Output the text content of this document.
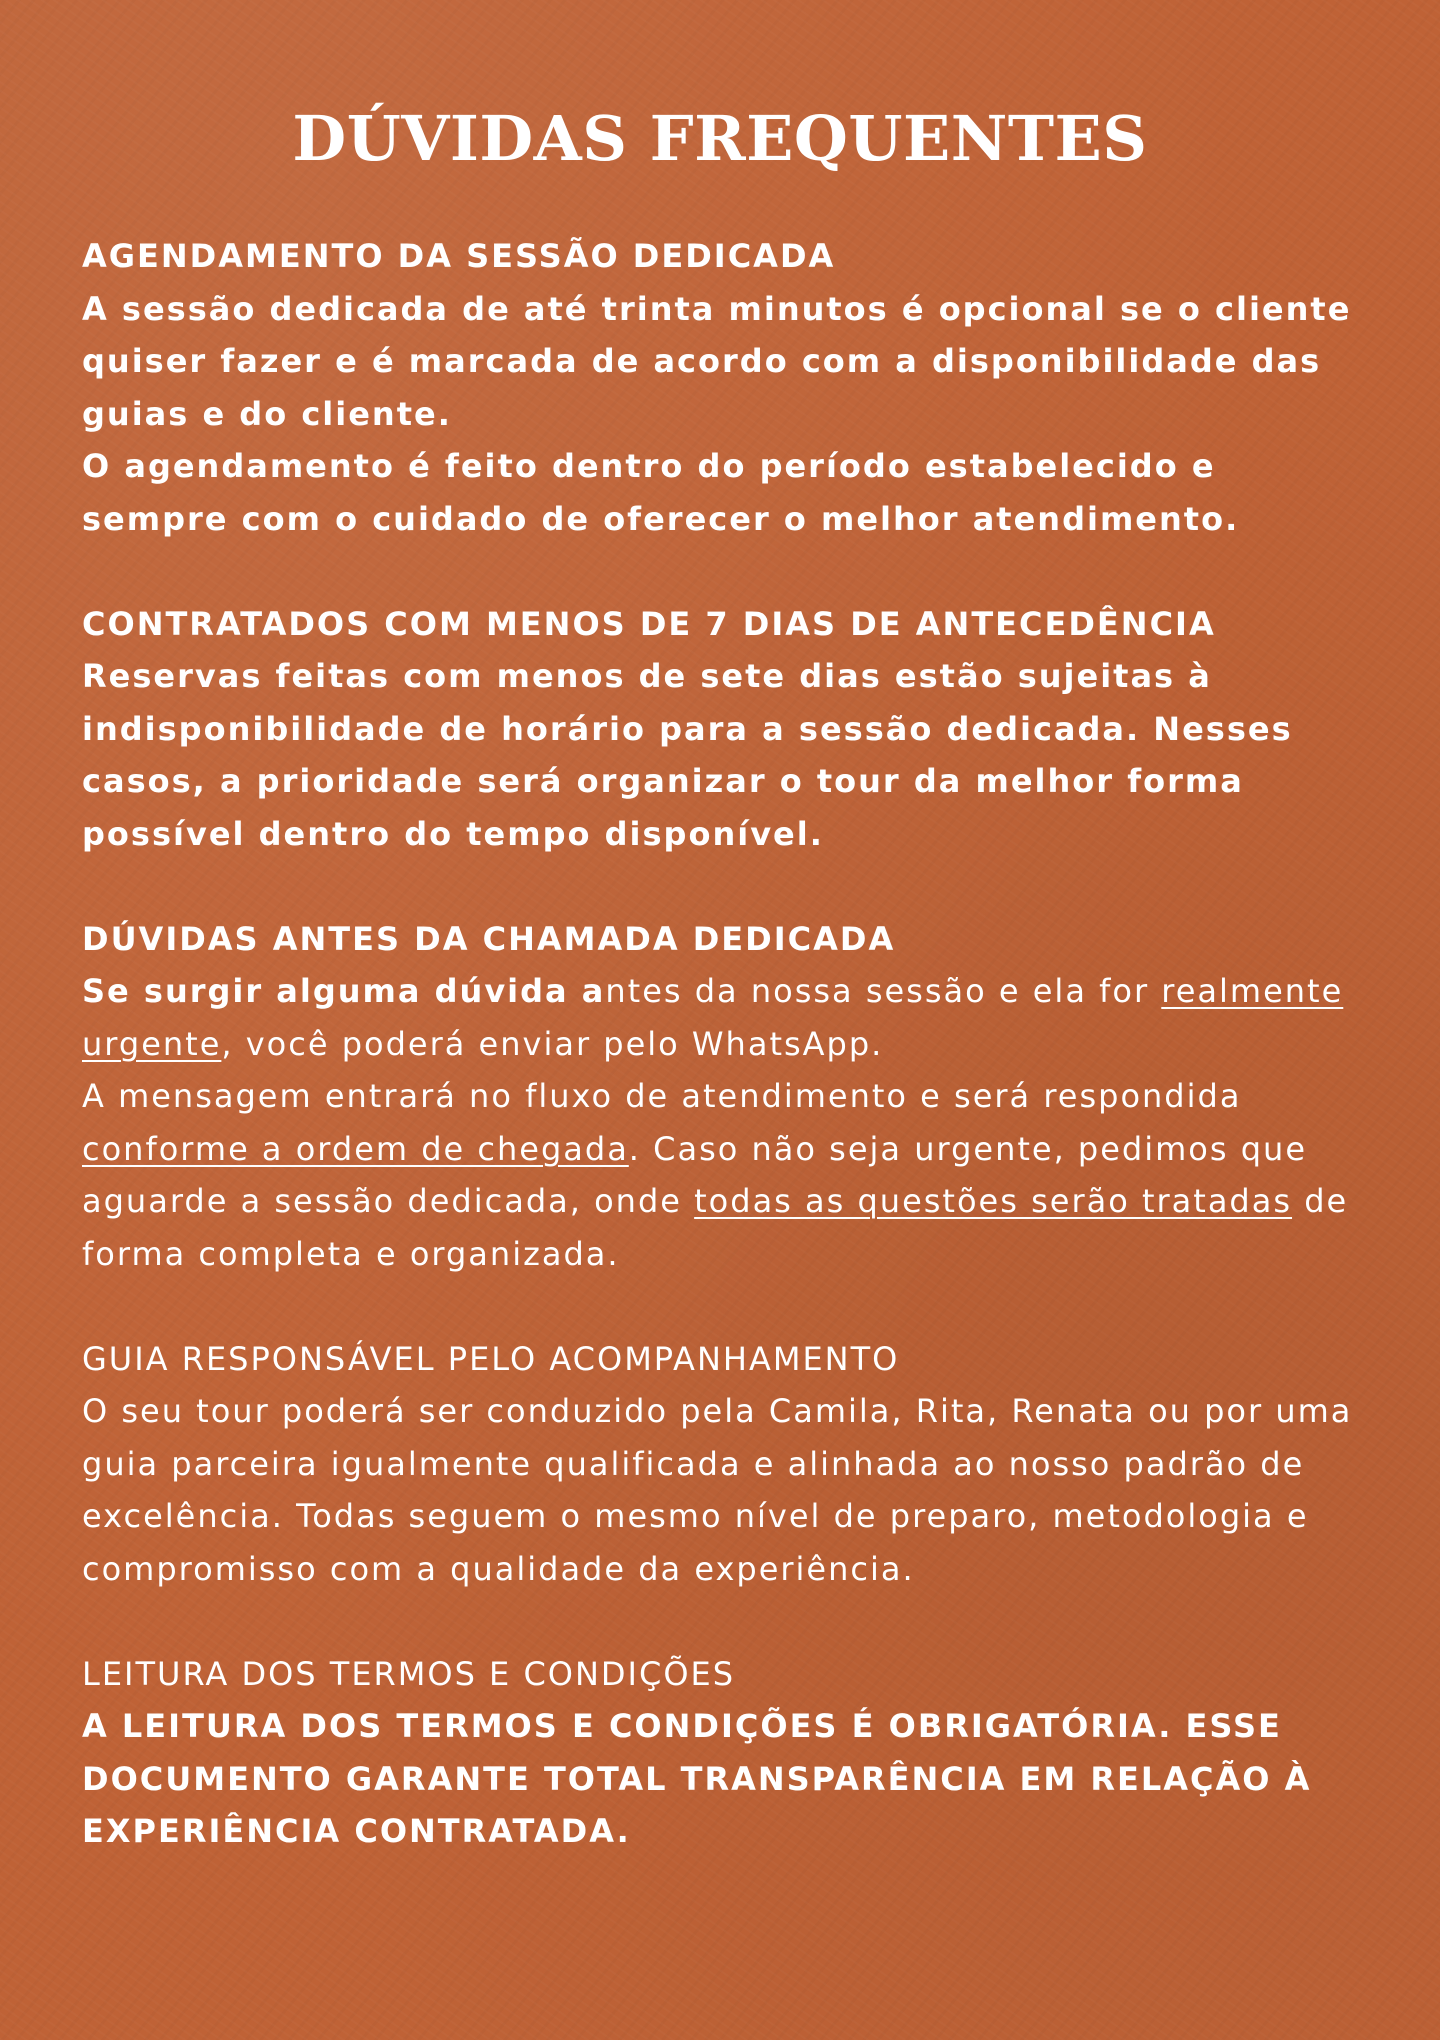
DÚVIDAS FREQUENTES
AGENDAMENTO DA SESSÃO DEDICADA

A sessão dedicada de até trinta minutos é opcional se o cliente quiser fazer e é marcada de acordo com a disponibilidade das guias e do cliente.

O agendamento é feito dentro do período estabelecido e sempre com o cuidado de oferecer o melhor atendimento.

CONTRATADOS COM MENOS DE 7 DIAS DE ANTECEDÊNCIA

Reservas feitas com menos de sete dias estão sujeitas à indisponibilidade de horário para a sessão dedicada. Nesses casos, a prioridade será organizar o tour da melhor forma possível dentro do tempo disponível.

DÚVIDAS ANTES DA CHAMADA DEDICADA

Se surgir alguma dúvida antes da nossa sessão e ela for realmente urgente, você poderá enviar pelo WhatsApp.

A mensagem entrará no fluxo de atendimento e será respondida conforme a ordem de chegada. Caso não seja urgente, pedimos que aguarde a sessão dedicada, onde todas as questões serão tratadas de forma completa e organizada.

GUIA RESPONSÁVEL PELO ACOMPANHAMENTO

O seu tour poderá ser conduzido pela Camila, Rita, Renata ou por uma guia parceira igualmente qualificada e alinhada ao nosso padrão de excelência. Todas seguem o mesmo nível de preparo, metodologia e compromisso com a qualidade da experiência.

LEITURA DOS TERMOS E CONDIÇÕES

A LEITURA DOS TERMOS E CONDIÇÕES É OBRIGATÓRIA. ESSE DOCUMENTO GARANTE TOTAL TRANSPARÊNCIA EM RELAÇÃO À EXPERIÊNCIA CONTRATADA.
